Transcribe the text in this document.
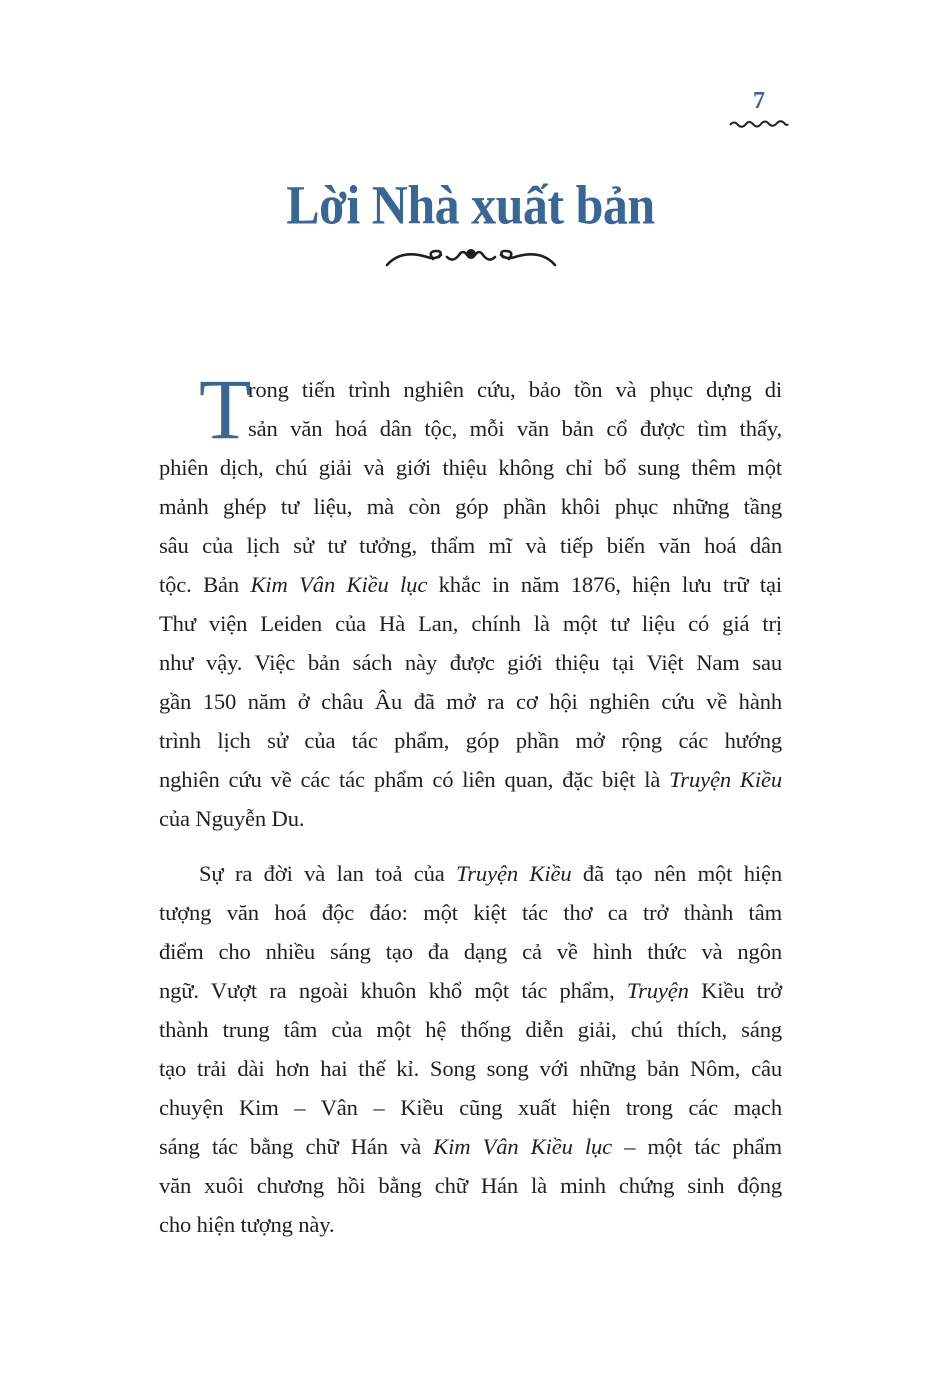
7
Lời Nhà xuất bản
T
rong tiến trình nghiên cứu, bảo tồn và phục dựng di
sản văn hoá dân tộc, mỗi văn bản cổ được tìm thấy,
phiên dịch, chú giải và giới thiệu không chỉ bổ sung thêm một
mảnh ghép tư liệu, mà còn góp phần khôi phục những tầng
sâu của lịch sử tư tưởng, thẩm mĩ và tiếp biến văn hoá dân
tộc. Bản Kim Vân Kiều lục khắc in năm 1876, hiện lưu trữ tại
Thư viện Leiden của Hà Lan, chính là một tư liệu có giá trị
như vậy. Việc bản sách này được giới thiệu tại Việt Nam sau
gần 150 năm ở châu Âu đã mở ra cơ hội nghiên cứu về hành
trình lịch sử của tác phẩm, góp phần mở rộng các hướng
nghiên cứu về các tác phẩm có liên quan, đặc biệt là Truyện Kiều
của Nguyễn Du.
Sự ra đời và lan toả của Truyện Kiều đã tạo nên một hiện
tượng văn hoá độc đáo: một kiệt tác thơ ca trở thành tâm
điểm cho nhiều sáng tạo đa dạng cả về hình thức và ngôn
ngữ. Vượt ra ngoài khuôn khổ một tác phẩm, Truyện Kiều trở
thành trung tâm của một hệ thống diễn giải, chú thích, sáng
tạo trải dài hơn hai thế kỉ. Song song với những bản Nôm, câu
chuyện Kim – Vân – Kiều cũng xuất hiện trong các mạch
sáng tác bằng chữ Hán và Kim Vân Kiều lục – một tác phẩm
văn xuôi chương hồi bằng chữ Hán là minh chứng sinh động
cho hiện tượng này.
